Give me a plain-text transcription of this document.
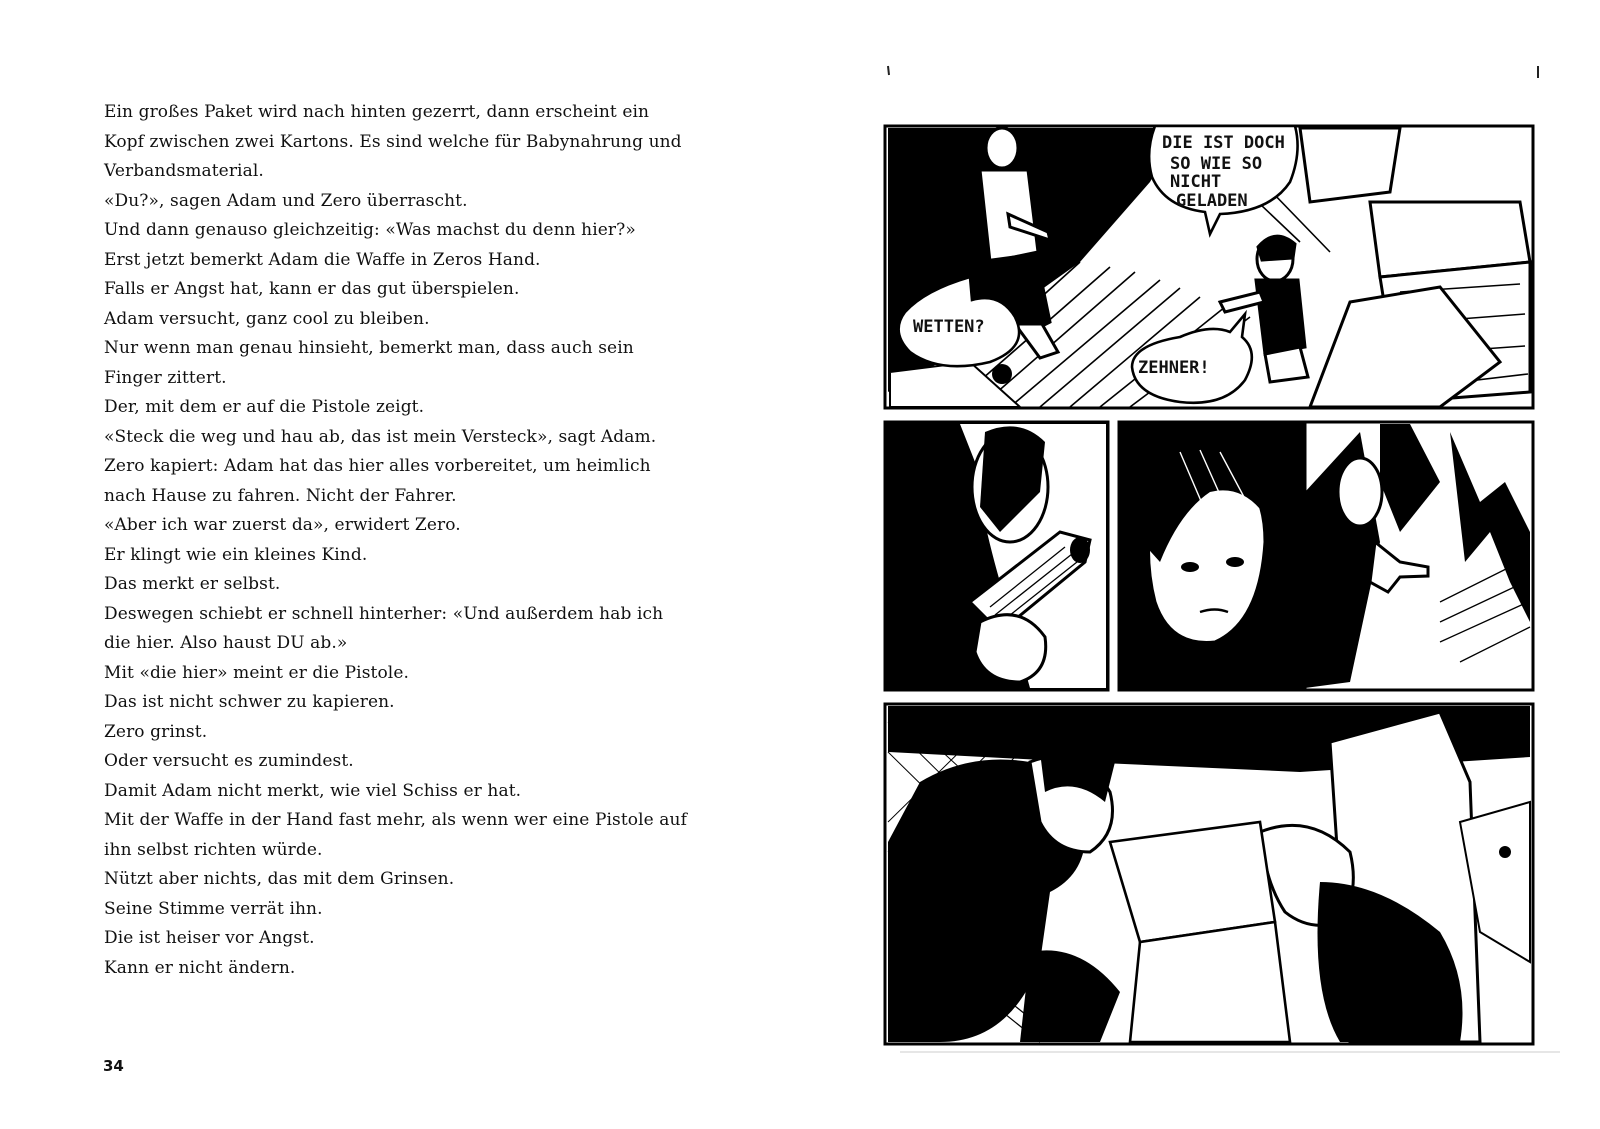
Ein großes Paket wird nach hinten gezerrt, dann erscheint ein
Kopf zwischen zwei Kartons. Es sind welche für Babynahrung und
Verbandsmaterial.
«Du?», sagen Adam und Zero überrascht.
Und dann genauso gleichzeitig: «Was machst du denn hier?»
Erst jetzt bemerkt Adam die Waffe in Zeros Hand.
Falls er Angst hat, kann er das gut überspielen.
Adam versucht, ganz cool zu bleiben.
Nur wenn man genau hinsieht, bemerkt man, dass auch sein
Finger zittert.
Der, mit dem er auf die Pistole zeigt.
«Steck die weg und hau ab, das ist mein Versteck», sagt Adam.
Zero kapiert: Adam hat das hier alles vorbereitet, um heimlich
nach Hause zu fahren. Nicht der Fahrer.
«Aber ich war zuerst da», erwidert Zero.
Er klingt wie ein kleines Kind.
Das merkt er selbst.
Deswegen schiebt er schnell hinterher: «Und außerdem hab ich
die hier. Also haust DU ab.»
Mit «die hier» meint er die Pistole.
Das ist nicht schwer zu kapieren.
Zero grinst.
Oder versucht es zumindest.
Damit Adam nicht merkt, wie viel Schiss er hat.
Mit der Waffe in der Hand fast mehr, als wenn wer eine Pistole auf
ihn selbst richten würde.
Nützt aber nichts, das mit dem Grinsen.
Seine Stimme verrät ihn.
Die ist heiser vor Angst.
Kann er nicht ändern.
34
DIE IST DOCH
SO WIE SO
NICHT
GELADEN
WETTEN?
ZEHNER!
